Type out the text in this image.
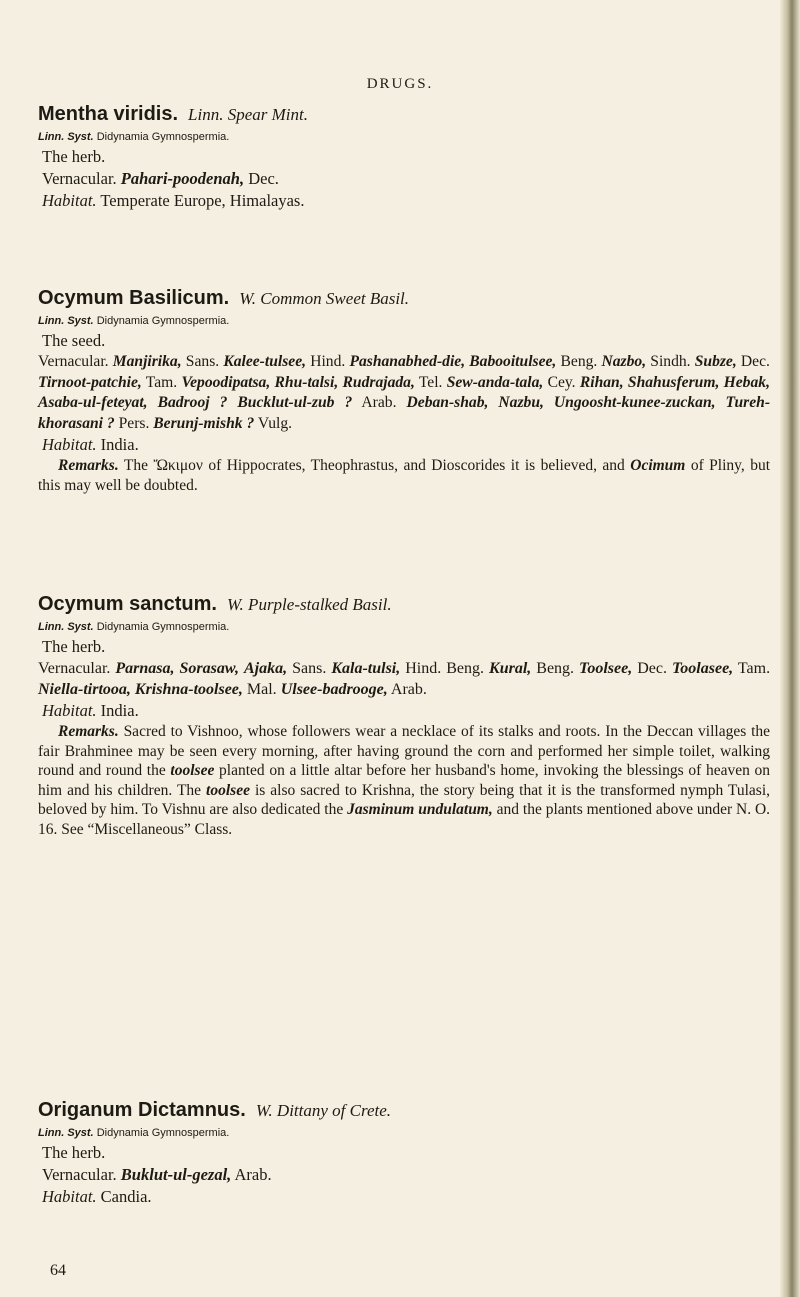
DRUGS.
Mentha viridis. Linn. Spear Mint.
Linn. Syst. Didynamia Gymnospermia.
The herb.
Vernacular. Pahari-poodenah, Dec.
Habitat. Temperate Europe, Himalayas.
Ocymum Basilicum. W. Common Sweet Basil.
Linn. Syst. Didynamia Gymnospermia.
The seed.
Vernacular. Manjirika, Sans. Kalee-tulsee, Hind. Pashanabhed-die, Babooitulsee, Beng. Nazbo, Sindh. Subze, Dec. Tirnoot-patchie, Tam. Vepoodipatsa, Rhu-talsi, Rudrajada, Tel. Sew-anda-tala, Cey. Rihan, Shahusferum, Hebak, Asaba-ul-feteyat, Badrooj ? Bucklut-ul-zub ? Arab. Deban-shab, Nazbu, Ungoosht-kunee-zuckan, Tureh-khorasani ? Pers. Berunj-mishk ? Vulg.
Habitat. India.
Remarks. The Ὤκιμον of Hippocrates, Theophrastus, and Dioscorides it is believed, and Ocimum of Pliny, but this may well be doubted.
Ocymum sanctum. W. Purple-stalked Basil.
Linn. Syst. Didynamia Gymnospermia.
The herb.
Vernacular. Parnasa, Sorasaw, Ajaka, Sans. Kala-tulsi, Hind. Beng. Kural, Beng. Toolsee, Dec. Toolasee, Tam. Niella-tirtooa, Krishna-toolsee, Mal. Ulsee-badrooge, Arab.
Habitat. India.
Remarks. Sacred to Vishnoo, whose followers wear a necklace of its stalks and roots. In the Deccan villages the fair Brahminee may be seen every morning, after having ground the corn and performed her simple toilet, walking round and round the toolsee planted on a little altar before her husband's home, invoking the blessings of heaven on him and his children. The toolsee is also sacred to Krishna, the story being that it is the transformed nymph Tulasi, beloved by him. To Vishnu are also dedicated the Jasminum undulatum, and the plants mentioned above under N. O. 16. See “Miscellaneous” Class.
Origanum Dictamnus. W. Dittany of Crete.
Linn. Syst. Didynamia Gymnospermia.
The herb.
Vernacular. Buklut-ul-gezal, Arab.
Habitat. Candia.
64
